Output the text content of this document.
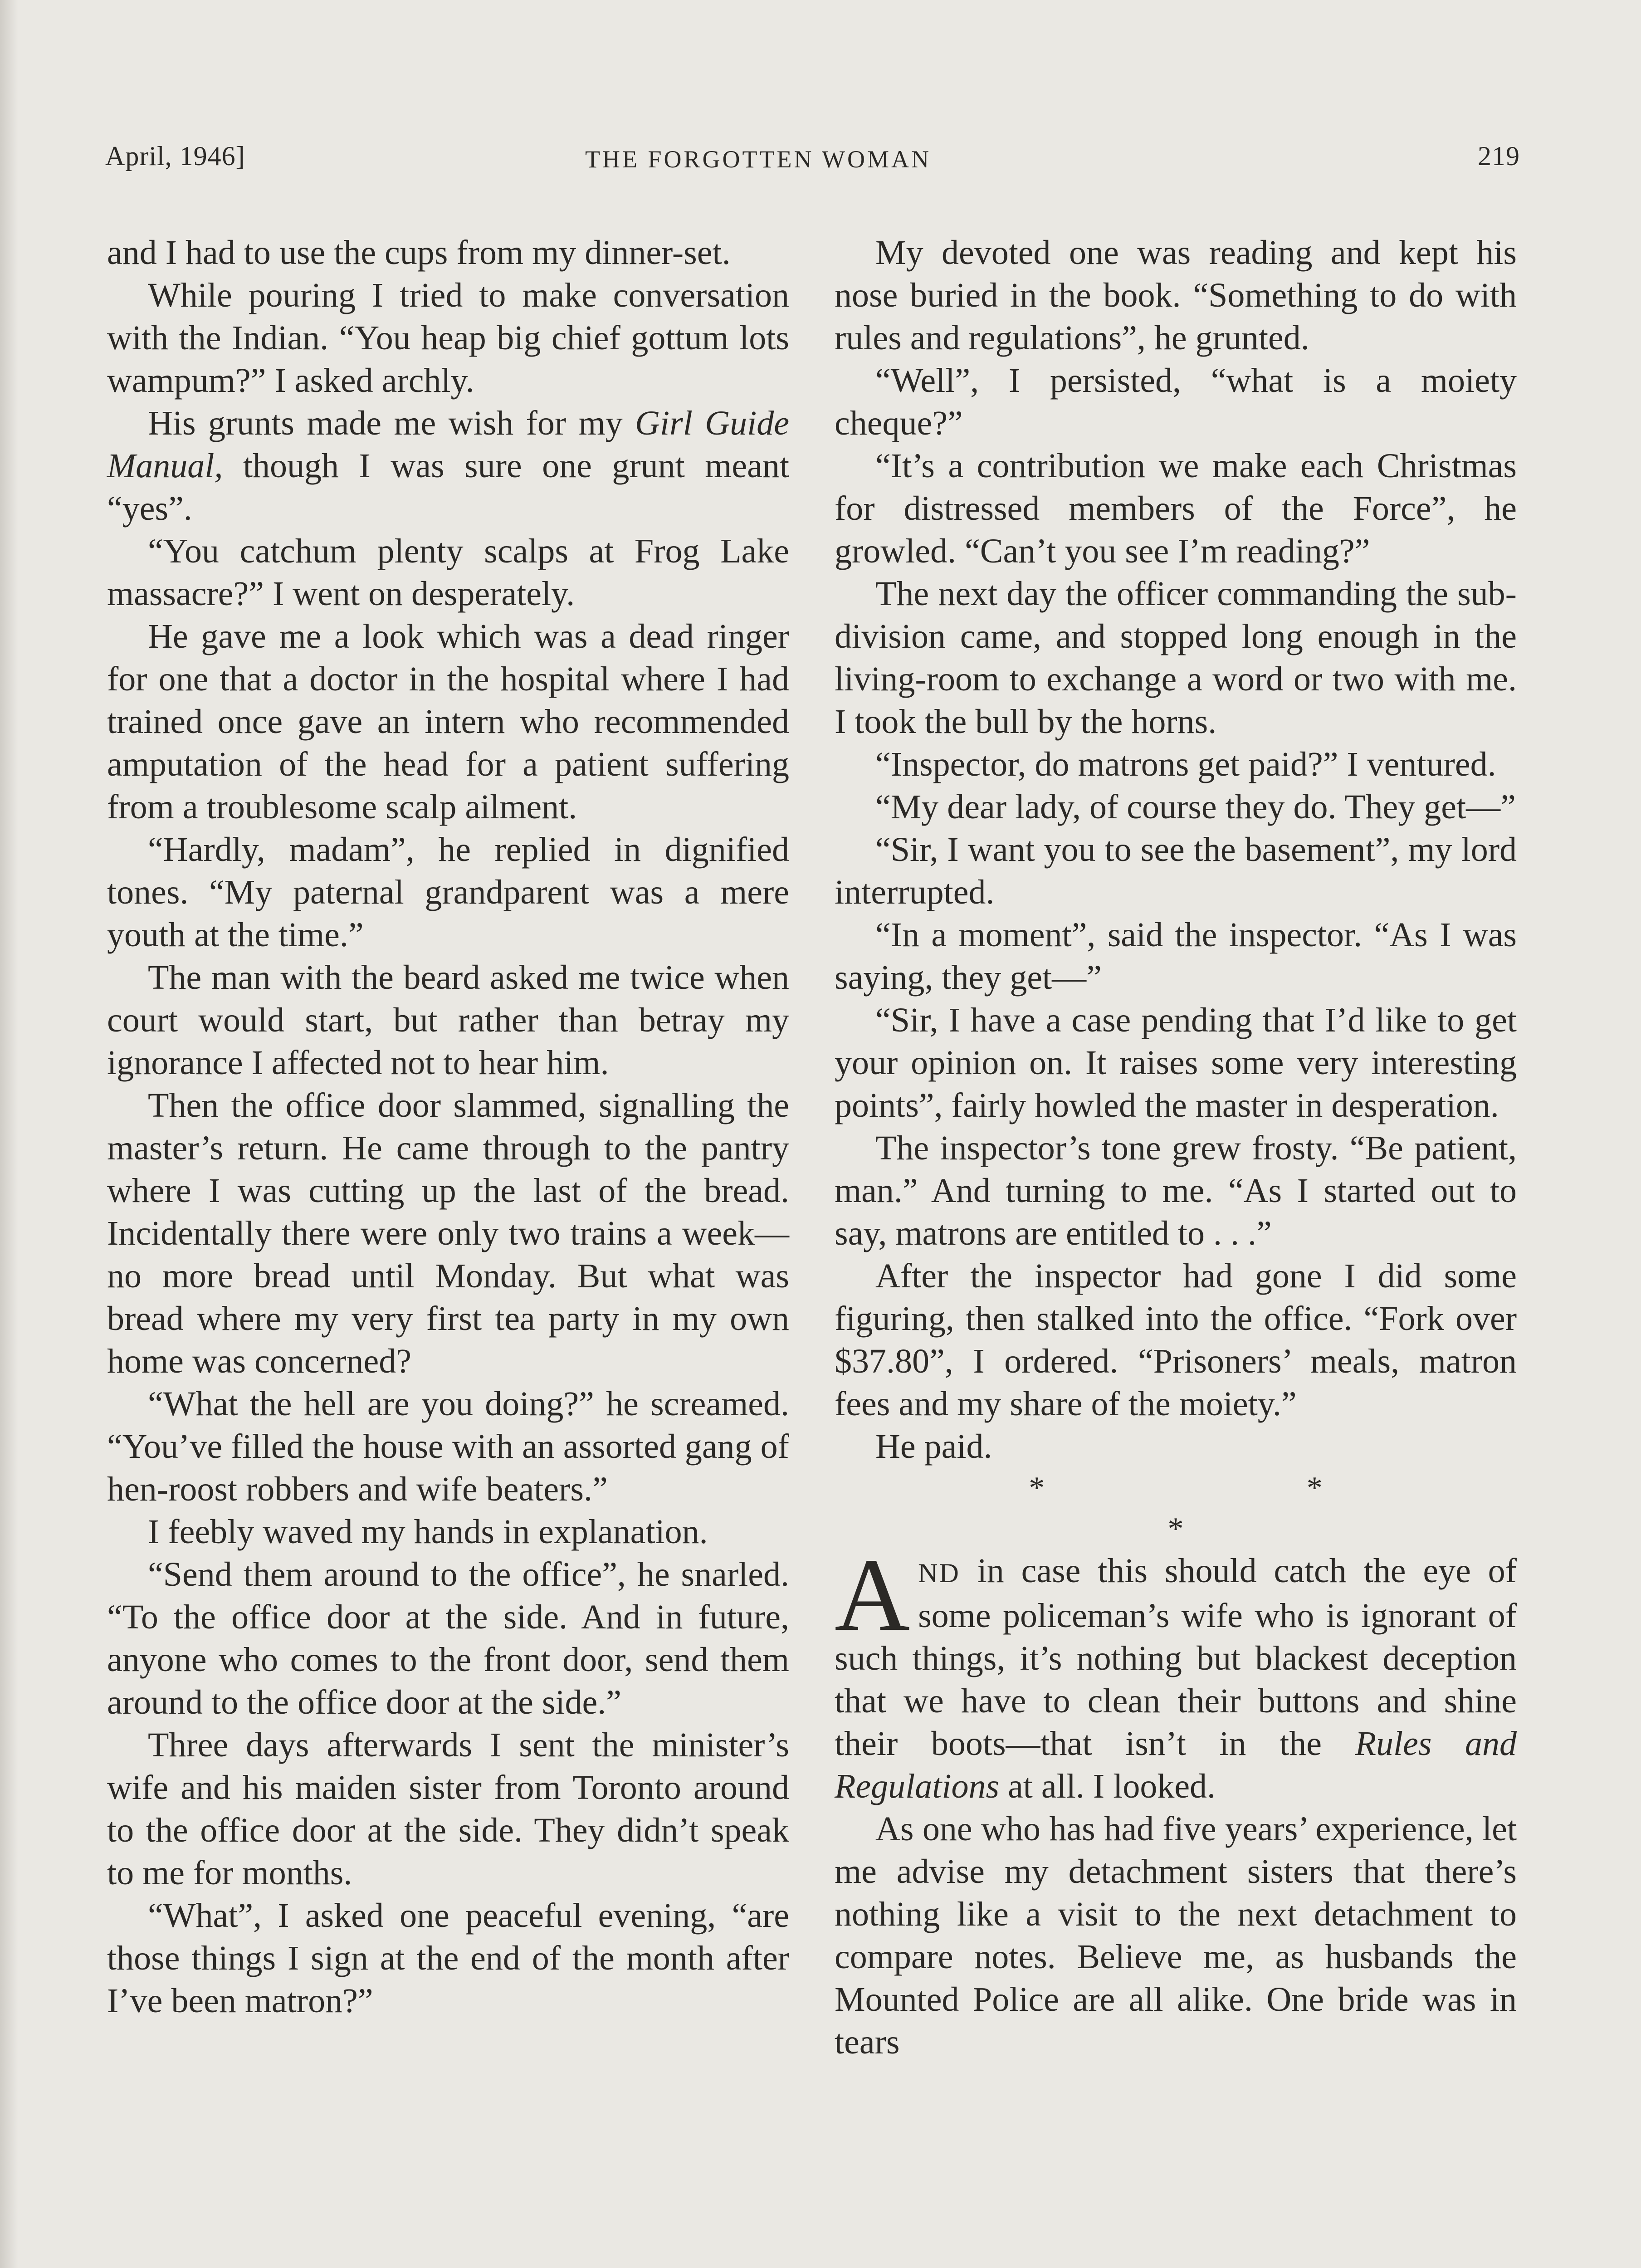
April, 1946]	THE FORGOTTEN WOMAN	219

and I had to use the cups from my dinner-set.

While pouring I tried to make conversation with the Indian. “You heap big chief gottum lots wampum?” I asked archly.

His grunts made me wish for my Girl Guide Manual, though I was sure one grunt meant “yes”.

“You catchum plenty scalps at Frog Lake massacre?” I went on desperately.

He gave me a look which was a dead ringer for one that a doctor in the hospital where I had trained once gave an intern who recommended amputation of the head for a patient suffering from a troublesome scalp ailment.

“Hardly, madam”, he replied in dignified tones. “My paternal grandparent was a mere youth at the time.”

The man with the beard asked me twice when court would start, but rather than betray my ignorance I affected not to hear him.

Then the office door slammed, signalling the master’s return. He came through to the pantry where I was cutting up the last of the bread. Incidentally there were only two trains a week—no more bread until Monday. But what was bread where my very first tea party in my own home was concerned?

“What the hell are you doing?” he screamed. “You’ve filled the house with an assorted gang of hen-roost robbers and wife beaters.”

I feebly waved my hands in explanation.

“Send them around to the office”, he snarled. “To the office door at the side. And in future, anyone who comes to the front door, send them around to the office door at the side.”

Three days afterwards I sent the minister’s wife and his maiden sister from Toronto around to the office door at the side. They didn’t speak to me for months.

“What”, I asked one peaceful evening, “are those things I sign at the end of the month after I’ve been matron?”

My devoted one was reading and kept his nose buried in the book. “Something to do with rules and regulations”, he grunted.

“Well”, I persisted, “what is a moiety cheque?”

“It’s a contribution we make each Christmas for distressed members of the Force”, he growled. “Can’t you see I’m reading?”

The next day the officer commanding the sub-division came, and stopped long enough in the living-room to exchange a word or two with me. I took the bull by the horns.

“Inspector, do matrons get paid?” I ventured.

“My dear lady, of course they do. They get—”

“Sir, I want you to see the basement”, my lord interrupted.

“In a moment”, said the inspector. “As I was saying, they get—”

“Sir, I have a case pending that I’d like to get your opinion on. It raises some very interesting points”, fairly howled the master in desperation.

The inspector’s tone grew frosty. “Be patient, man.” And turning to me. “As I started out to say, matrons are entitled to . . .”

After the inspector had gone I did some figuring, then stalked into the office. “Fork over $37.80”, I ordered. “Prisoners’ meals, matron fees and my share of the moiety.”

He paid.

* * *

AND in case this should catch the eye of some policeman’s wife who is ignorant of such things, it’s nothing but blackest deception that we have to clean their buttons and shine their boots—that isn’t in the Rules and Regulations at all. I looked.

As one who has had five years’ experience, let me advise my detachment sisters that there’s nothing like a visit to the next detachment to compare notes. Believe me, as husbands the Mounted Police are all alike. One bride was in tears
